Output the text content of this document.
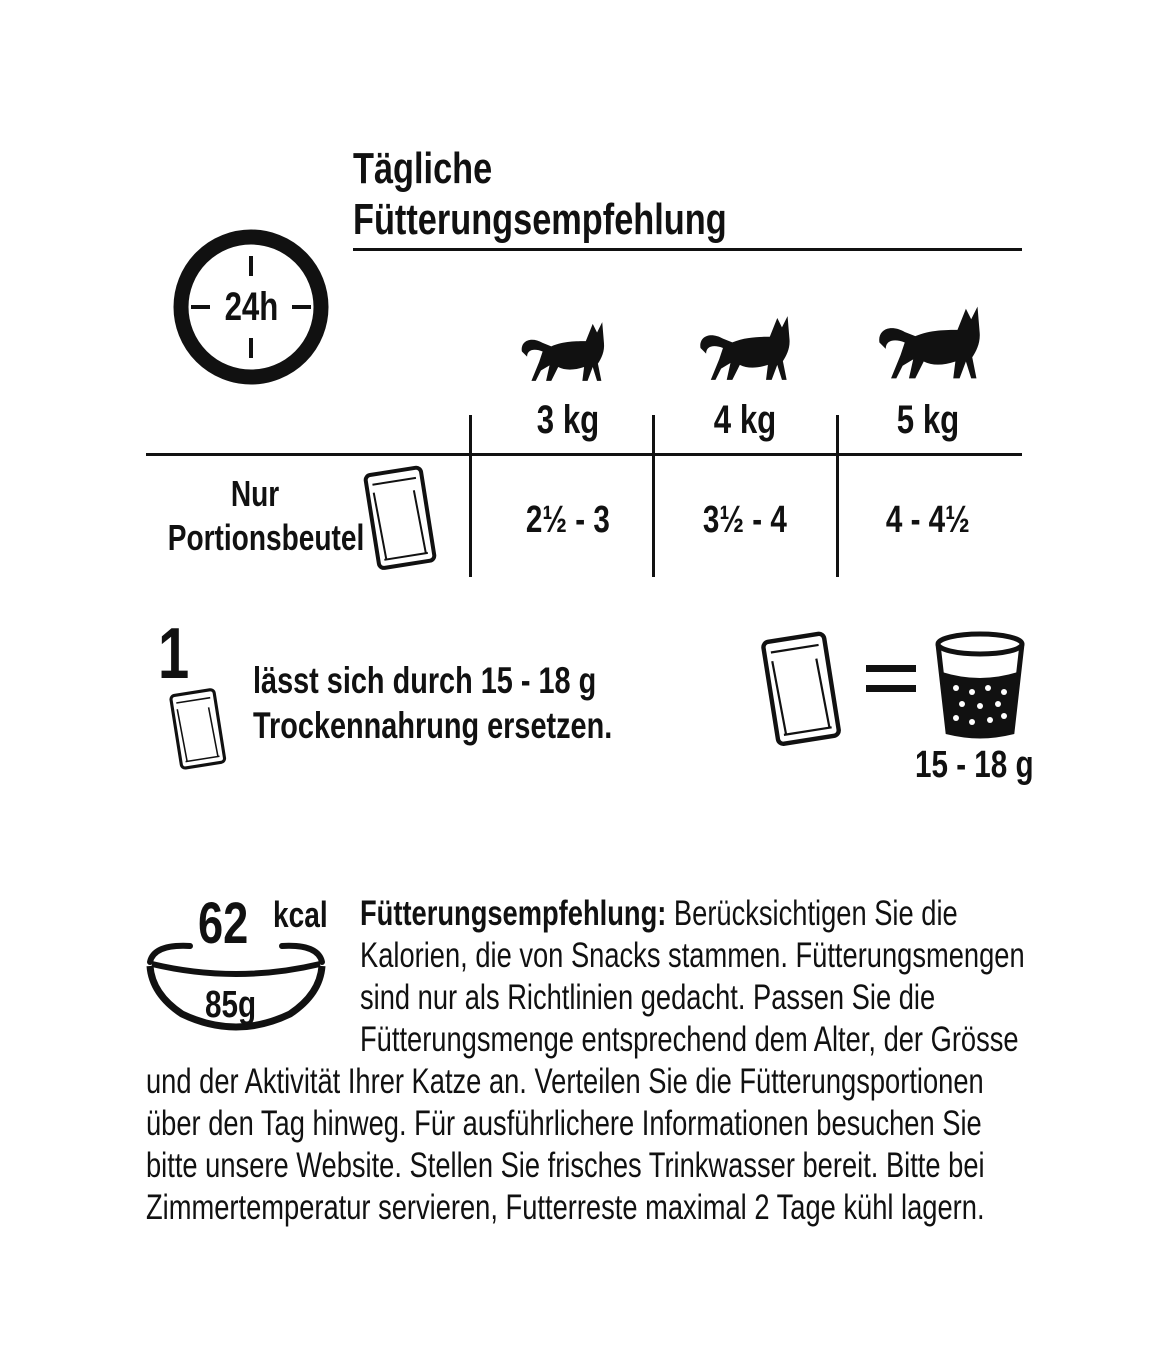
Tägliche
Fütterungsempfehlung
24h
3 kg	4 kg	5 kg
Nur
Portionsbeutel	2½ - 3	3½ - 4	4 - 4½
1 lässt sich durch 15 - 18 g
Trockennahrung ersetzen.
15 - 18 g
62 kcal
85g
Fütterungsempfehlung: Berücksichtigen Sie die
Kalorien, die von Snacks stammen. Fütterungsmengen
sind nur als Richtlinien gedacht. Passen Sie die
Fütterungsmenge entsprechend dem Alter, der Grösse
und der Aktivität Ihrer Katze an. Verteilen Sie die Fütterungsportionen
über den Tag hinweg. Für ausführlichere Informationen besuchen Sie
bitte unsere Website. Stellen Sie frisches Trinkwasser bereit. Bitte bei
Zimmertemperatur servieren, Futterreste maximal 2 Tage kühl lagern.
